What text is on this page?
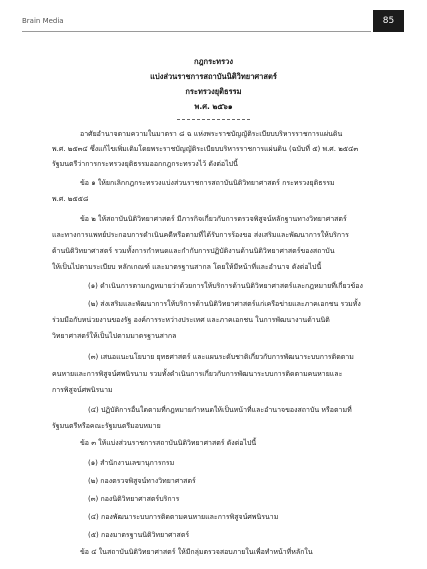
Brain Media	85
กฎกระทรวง
แบ่งส่วนราชการสถาบันนิติวิทยาศาสตร์
กระทรวงยุติธรรม
พ.ศ. ๒๕๖๑
อาศัยอำนาจตามความในมาตรา ๘ ฉ แห่งพระราชบัญญัติระเบียบบริหารราชการแผ่นดิน
พ.ศ. ๒๕๓๔ ซึ่งแก้ไขเพิ่มเติมโดยพระราชบัญญัติระเบียบบริหารราชการแผ่นดิน (ฉบับที่ ๕) พ.ศ. ๒๕๔๓
รัฐมนตรีว่าการกระทรวงยุติธรรมออกกฎกระทรวงไว้ ดังต่อไปนี้
ข้อ ๑ ให้ยกเลิกกฎกระทรวงแบ่งส่วนราชการสถาบันนิติวิทยาศาสตร์ กระทรวงยุติธรรม
พ.ศ. ๒๕๕๘
ข้อ ๒ ให้สถาบันนิติวิทยาศาสตร์ มีภารกิจเกี่ยวกับการตรวจพิสูจน์หลักฐานทางวิทยาศาสตร์
และทางการแพทย์ประกอบการดำเนินคดีหรือตามที่ได้รับการร้องขอ ส่งเสริมและพัฒนาการให้บริการ
ด้านนิติวิทยาศาสตร์ รวมทั้งการกำหนดและกำกับการปฏิบัติงานด้านนิติวิทยาศาสตร์ของสถาบัน
ให้เป็นไปตามระเบียบ หลักเกณฑ์ และมาตรฐานสากล โดยให้มีหน้าที่และอำนาจ ดังต่อไปนี้
(๑) ดำเนินการตามกฎหมายว่าด้วยการให้บริการด้านนิติวิทยาศาสตร์และกฎหมายที่เกี่ยวข้อง
(๒) ส่งเสริมและพัฒนาการให้บริการด้านนิติวิทยาศาสตร์แก่เครือข่ายและภาคเอกชน รวมทั้ง
ร่วมมือกับหน่วยงานของรัฐ องค์การระหว่างประเทศ และภาคเอกชน ในการพัฒนางานด้านนิติ
วิทยาศาสตร์ให้เป็นไปตามมาตรฐานสากล
(๓) เสนอแนะนโยบาย ยุทธศาสตร์ และแผนระดับชาติเกี่ยวกับการพัฒนาระบบการติดตาม
คนหายและการพิสูจน์ศพนิรนาม รวมทั้งดำเนินการเกี่ยวกับการพัฒนาระบบการติดตามคนหายและ
การพิสูจน์ศพนิรนาม
(๔) ปฏิบัติการอื่นใดตามที่กฎหมายกำหนดให้เป็นหน้าที่และอำนาจของสถาบัน หรือตามที่
รัฐมนตรีหรือคณะรัฐมนตรีมอบหมาย
ข้อ ๓ ให้แบ่งส่วนราชการสถาบันนิติวิทยาศาสตร์ ดังต่อไปนี้
(๑) สำนักงานเลขานุการกรม
(๒) กองตรวจพิสูจน์ทางวิทยาศาสตร์
(๓) กองนิติวิทยาศาสตร์บริการ
(๔) กองพัฒนาระบบการติดตามคนหายและการพิสูจน์ศพนิรนาม
(๕) กองมาตรฐานนิติวิทยาศาสตร์
ข้อ ๔ ในสถาบันนิติวิทยาศาสตร์ ให้มีกลุ่มตรวจสอบภายในเพื่อทำหน้าที่หลักใน
